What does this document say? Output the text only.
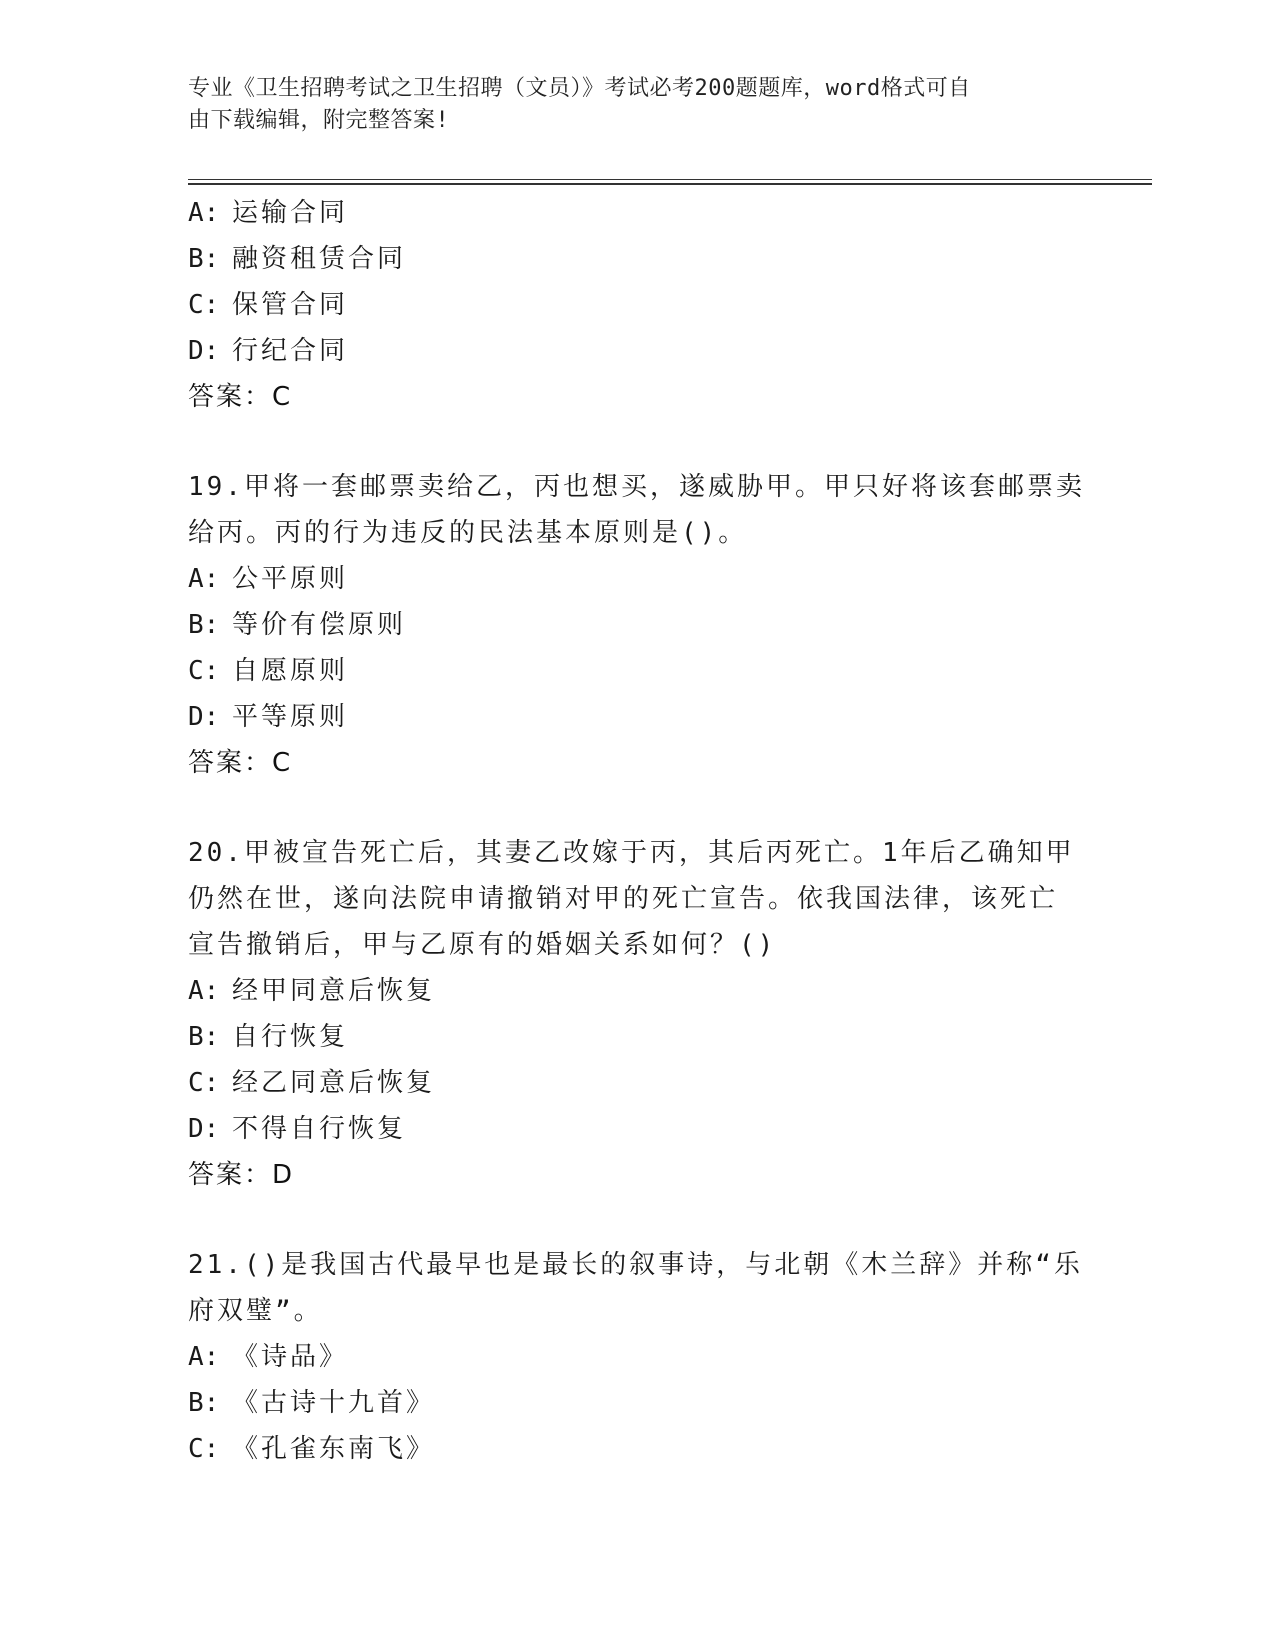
专业《卫生招聘考试之卫生招聘（文员）》考试必考200题题库，word格式可自
由下载编辑，附完整答案!
A: 运输合同
B: 融资租赁合同
C: 保管合同
D: 行纪合同
答案：C
19.甲将一套邮票卖给乙，丙也想买，遂威胁甲。甲只好将该套邮票卖
给丙。丙的行为违反的民法基本原则是()。
A: 公平原则
B: 等价有偿原则
C: 自愿原则
D: 平等原则
答案：C
20.甲被宣告死亡后，其妻乙改嫁于丙，其后丙死亡。1年后乙确知甲
仍然在世，遂向法院申请撤销对甲的死亡宣告。依我国法律，该死亡
宣告撤销后，甲与乙原有的婚姻关系如何？()
A: 经甲同意后恢复
B: 自行恢复
C: 经乙同意后恢复
D: 不得自行恢复
答案：D
21.()是我国古代最早也是最长的叙事诗，与北朝《木兰辞》并称“乐
府双璧”。
A: 《诗品》
B: 《古诗十九首》
C: 《孔雀东南飞》
